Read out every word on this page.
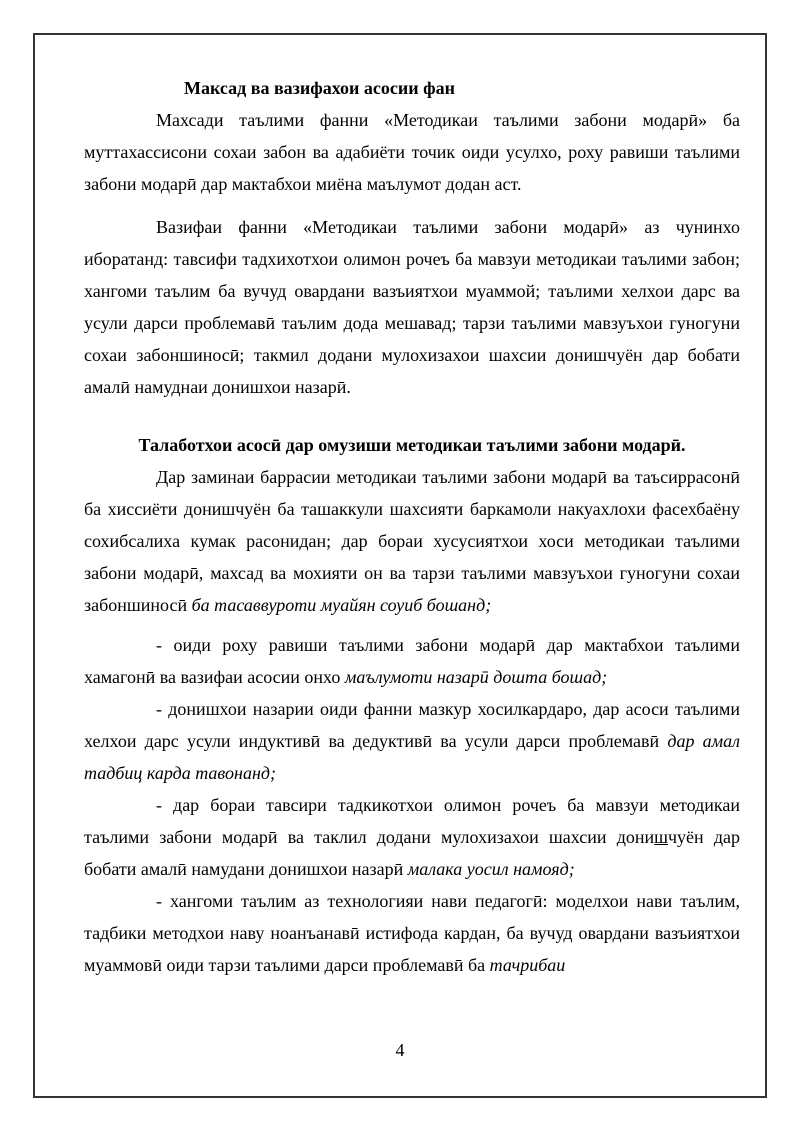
Максад ва вазифахои асосии фан

Махсади таълими фанни «Методикаи таълими забони модарӣ» ба муттахассисони сохаи забон ва адабиёти точик оиди усулхо, роху равиши таълими забони модарӣ дар мактабхои миёна маълумот додан аст.

Вазифаи фанни «Методикаи таълими забони модарӣ» аз чунинхо иборатанд: тавсифи тадхихотхои олимон рочеъ ба мавзуи методикаи таълими забон; хангоми таълим ба вучуд овардани вазъиятхои муаммой; таълими хелхои дарс ва усули дарси проблемавӣ таълим дода мешавад; тарзи таълими мавзуъхои гуногуни сохаи забоншиносӣ; такмил додани мулохизахои шахсии донишчуён дар бобати амалӣ намуднаи донишхои назарӣ.

Талаботхои асосӣ дар омузиши методикаи таълими забони модарӣ.

Дар заминаи баррасии методикаи таълими забони модарӣ ва таъсиррасонӣ ба хиссиёти донишчуён ба ташаккули шахсияти баркамоли накуахлохи фасехбаёну сохибсалиха кумак расонидан; дар бораи хусусиятхои хоси методикаи таълими забони модарӣ, махсад ва мохияти он ва тарзи таълими мавзуъхои гуногуни сохаи забоншиносӣ ба тасаввуроти муайян соуиб бошанд;

- оиди роху равиши таълими забони модарӣ дар мактабхои таълими хамагонӣ ва вазифаи асосии онхо маълумоти назарӣ дошта бошад;

- донишхои назарии оиди фанни мазкур хосилкардаро, дар асоси таълими хелхои дарс усули индуктивӣ ва дедуктивӣ ва усули дарси проблемавӣ дар амал тадбиц карда тавонанд;

- дар бораи тавсири тадкикотхои олимон рочеъ ба мавзуи методикаи таълими забони модарӣ ва таклил додани мулохизахои шахсии донишчуён дар бобати амалӣ намудани донишхои назарӣ малака уосил намояд;

- хангоми таълим аз технологияи нави педагогӣ: моделхои нави таълим, тадбики методхои наву ноанъанавӣ истифода кардан, ба вучуд овардани вазъиятхои муаммовӣ оиди тарзи таълими дарси проблемавӣ ба тачрибаи

4
